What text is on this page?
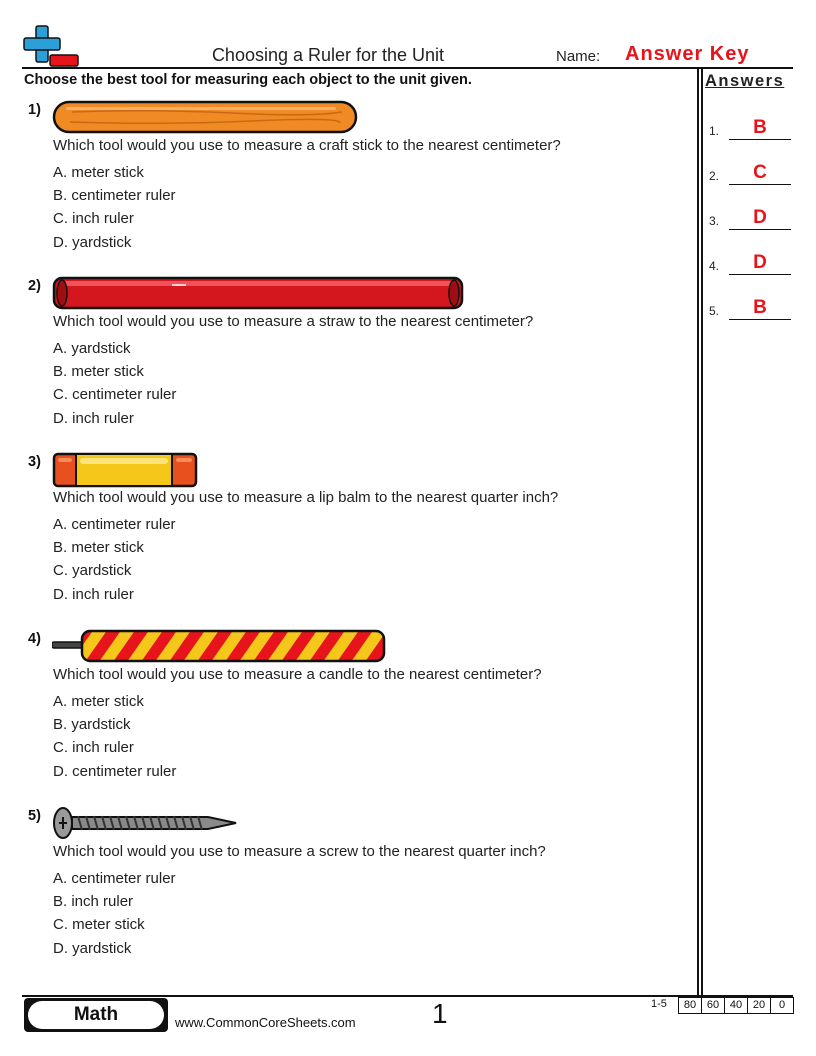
Choosing a Ruler for the Unit	Name: Answer Key
Choose the best tool for measuring each object to the unit given.	Answers
1.	B
2.	C
3.	D
4.	D
5.	B
1)
Which tool would you use to measure a craft stick to the nearest centimeter?
A. meter stick
B. centimeter ruler
C. inch ruler
D. yardstick
2)
Which tool would you use to measure a straw to the nearest centimeter?
A. yardstick
B. meter stick
C. centimeter ruler
D. inch ruler
3)
Which tool would you use to measure a lip balm to the nearest quarter inch?
A. centimeter ruler
B. meter stick
C. yardstick
D. inch ruler
4)
Which tool would you use to measure a candle to the nearest centimeter?
A. meter stick
B. yardstick
C. inch ruler
D. centimeter ruler
5)
Which tool would you use to measure a screw to the nearest quarter inch?
A. centimeter ruler
B. inch ruler
C. meter stick
D. yardstick
Math	www.CommonCoreSheets.com	1	1-5	80 60 40 20	0
